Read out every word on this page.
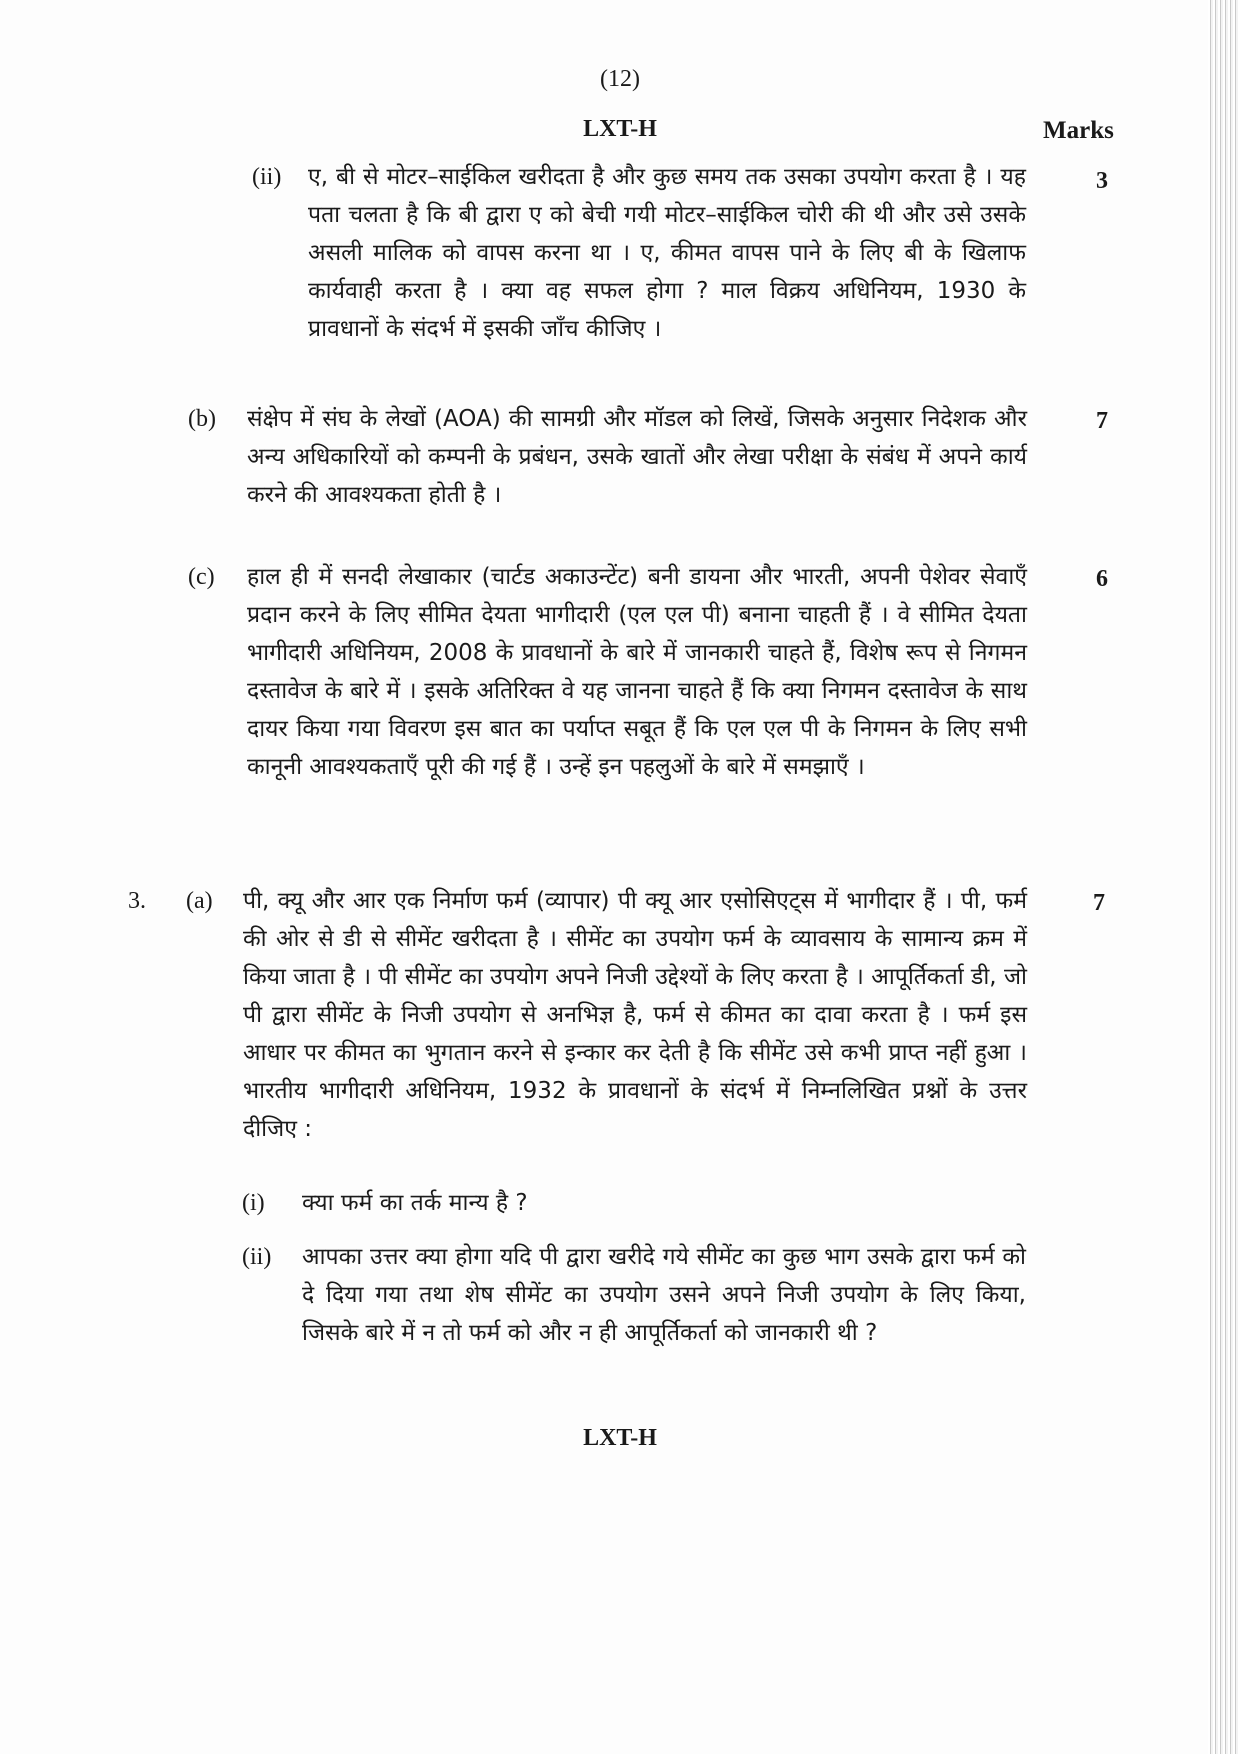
(12)
LXT-H	Marks
(ii) ए, बी से मोटर–साईकिल खरीदता है और कुछ समय तक उसका उपयोग करता है । यह पता चलता है कि बी द्वारा ए को बेची गयी मोटर–साईकिल चोरी की थी और उसे उसके असली मालिक को वापस करना था । ए, कीमत वापस पाने के लिए बी के खिलाफ कार्यवाही करता है । क्या वह सफल होगा ? माल विक्रय अधिनियम, 1930 के प्रावधानों के संदर्भ में इसकी जाँच कीजिए ।
3
(b) संक्षेप में संघ के लेखों (AOA) की सामग्री और मॉडल को लिखें, जिसके अनुसार निदेशक और अन्य अधिकारियों को कम्पनी के प्रबंधन, उसके खातों और लेखा परीक्षा के संबंध में अपने कार्य करने की आवश्यकता होती है ।
7
(c) हाल ही में सनदी लेखाकार (चार्टड अकाउन्टेंट) बनी डायना और भारती, अपनी पेशेवर सेवाएँ प्रदान करने के लिए सीमित देयता भागीदारी (एल एल पी) बनाना चाहती हैं । वे सीमित देयता भागीदारी अधिनियम, 2008 के प्रावधानों के बारे में जानकारी चाहते हैं, विशेष रूप से निगमन दस्तावेज के बारे में । इसके अतिरिक्त वे यह जानना चाहते हैं कि क्या निगमन दस्तावेज के साथ दायर किया गया विवरण इस बात का पर्याप्त सबूत हैं कि एल एल पी के निगमन के लिए सभी कानूनी आवश्यकताएँ पूरी की गई हैं । उन्हें इन पहलुओं के बारे में समझाएँ ।
6
3. (a) पी, क्यू और आर एक निर्माण फर्म (व्यापार) पी क्यू आर एसोसिएट्स में भागीदार हैं । पी, फर्म की ओर से डी से सीमेंट खरीदता है । सीमेंट का उपयोग फर्म के व्यावसाय के सामान्य क्रम में किया जाता है । पी सीमेंट का उपयोग अपने निजी उद्देश्यों के लिए करता है । आपूर्तिकर्ता डी, जो पी द्वारा सीमेंट के निजी उपयोग से अनभिज्ञ है, फर्म से कीमत का दावा करता है । फर्म इस आधार पर कीमत का भुगतान करने से इन्कार कर देती है कि सीमेंट उसे कभी प्राप्त नहीं हुआ । भारतीय भागीदारी अधिनियम, 1932 के प्रावधानों के संदर्भ में निम्नलिखित प्रश्नों के उत्तर दीजिए :
7
(i) क्या फर्म का तर्क मान्य है ?
(ii) आपका उत्तर क्या होगा यदि पी द्वारा खरीदे गये सीमेंट का कुछ भाग उसके द्वारा फर्म को दे दिया गया तथा शेष सीमेंट का उपयोग उसने अपने निजी उपयोग के लिए किया, जिसके बारे में न तो फर्म को और न ही आपूर्तिकर्ता को जानकारी थी ?
LXT-H
